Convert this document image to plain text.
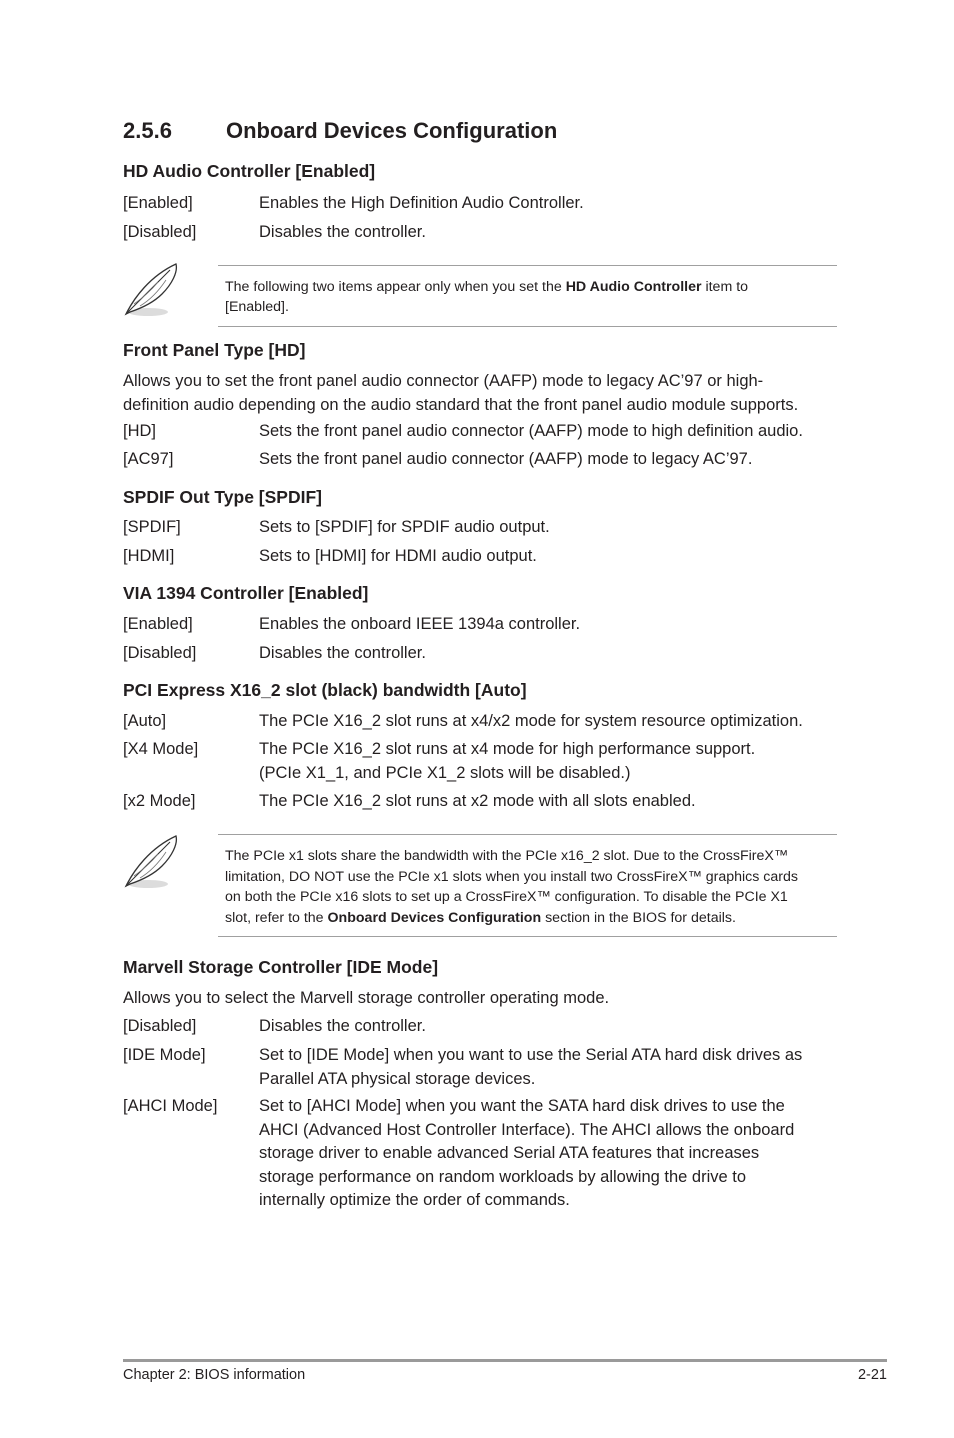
2.5.6 Onboard Devices Configuration
HD Audio Controller [Enabled]
[Enabled]	Enables the High Definition Audio Controller.
[Disabled]	Disables the controller.
The following two items appear only when you set the HD Audio Controller item to
[Enabled].
Front Panel Type [HD]

Allows you to set the front panel audio connector (AAFP) mode to legacy AC’97 or high-

definition audio depending on the audio standard that the front panel audio module supports.

[HD]	Sets the front panel audio connector (AAFP) mode to high definition audio.
[AC97]	Sets the front panel audio connector (AAFP) mode to legacy AC’97.
SPDIF Out Type [SPDIF]
[SPDIF]	Sets to [SPDIF] for SPDIF audio output.
[HDMI]	Sets to [HDMI] for HDMI audio output.
VIA 1394 Controller [Enabled]
[Enabled]	Enables the onboard IEEE 1394a controller.
[Disabled]	Disables the controller.
PCI Express X16_2 slot (black) bandwidth [Auto]
[Auto]	The PCIe X16_2 slot runs at x4/x2 mode for system resource optimization.
[X4 Mode]	The PCIe X16_2 slot runs at x4 mode for high performance support.
(PCIe X1_1, and PCIe X1_2 slots will be disabled.)
[x2 Mode]	The PCIe X16_2 slot runs at x2 mode with all slots enabled.
The PCIe x1 slots share the bandwidth with the PCIe x16_2 slot. Due to the CrossFireX™
limitation, DO NOT use the PCIe x1 slots when you install two CrossFireX™ graphics cards
on both the PCIe x16 slots to set up a CrossFireX™ configuration. To disable the PCIe X1
slot, refer to the Onboard Devices Configuration section in the BIOS for details.
Marvell Storage Controller [IDE Mode]

Allows you to select the Marvell storage controller operating mode.

[Disabled]	Disables the controller.
[IDE Mode]	Set to [IDE Mode] when you want to use the Serial ATA hard disk drives as
Parallel ATA physical storage devices.
[AHCI Mode]	Set to [AHCI Mode] when you want the SATA hard disk drives to use the
AHCI (Advanced Host Controller Interface). The AHCI allows the onboard
storage driver to enable advanced Serial ATA features that increases
storage performance on random workloads by allowing the drive to
internally optimize the order of commands.
Chapter 2: BIOS information	2-21
